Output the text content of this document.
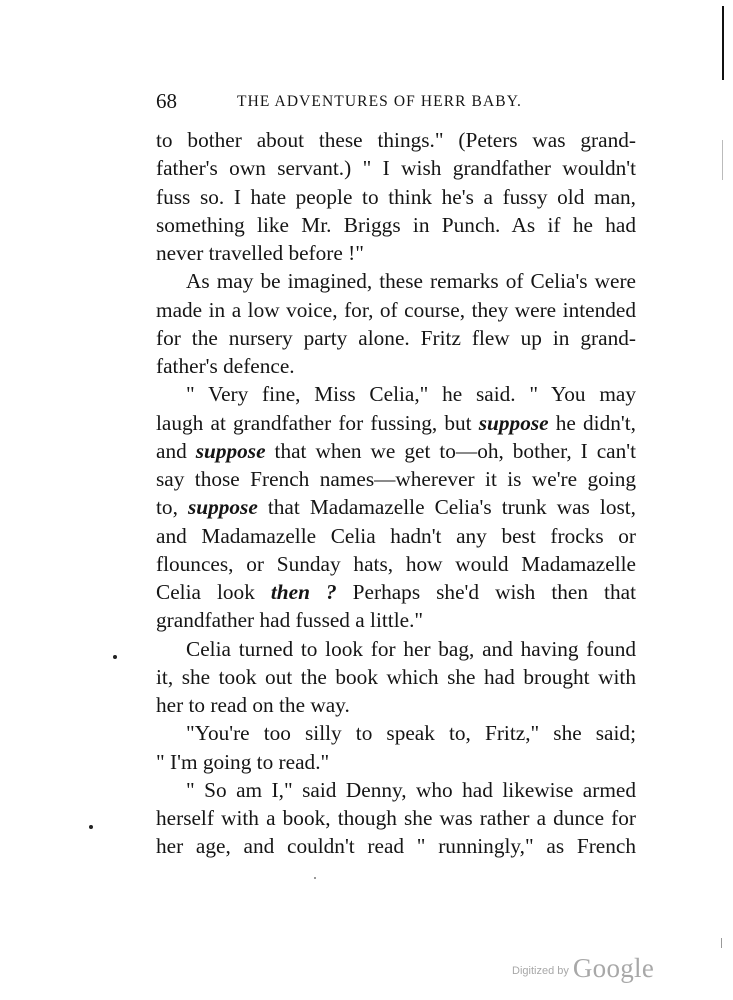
68	THE ADVENTURES OF HERR BABY.
to bother about these things." (Peters was grand-
father's own servant.) " I wish grandfather wouldn't
fuss so. I hate people to think he's a fussy old man,
something like Mr. Briggs in Punch. As if he had
never travelled before !"
As may be imagined, these remarks of Celia's were
made in a low voice, for, of course, they were intended
for the nursery party alone. Fritz flew up in grand-
father's defence.
" Very fine, Miss Celia," he said. " You may
laugh at grandfather for fussing, but suppose he didn't,
and suppose that when we get to—oh, bother, I can't
say those French names—wherever it is we're going
to, suppose that Madamazelle Celia's trunk was lost,
and Madamazelle Celia hadn't any best frocks or
flounces, or Sunday hats, how would Madamazelle
Celia look then ? Perhaps she'd wish then that
grandfather had fussed a little."
Celia turned to look for her bag, and having found
it, she took out the book which she had brought with
her to read on the way.
"You're too silly to speak to, Fritz," she said;
" I'm going to read."
" So am I," said Denny, who had likewise armed
herself with a book, though she was rather a dunce for
her age, and couldn't read " runningly," as French
Digitized by Google
